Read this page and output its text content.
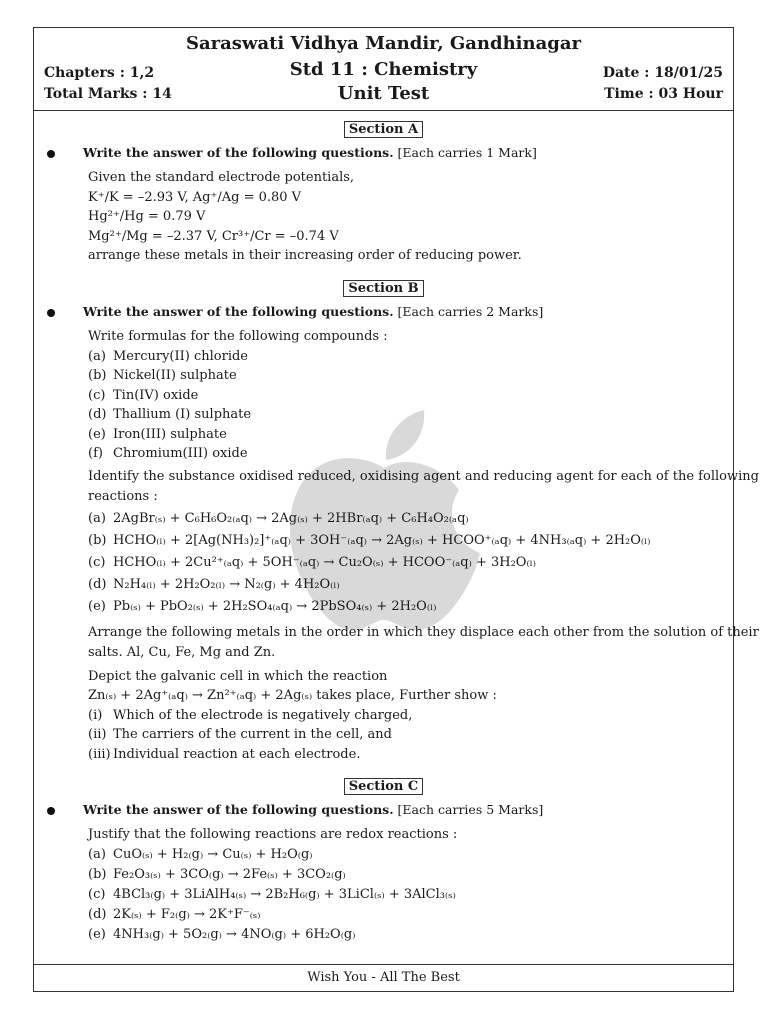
Saraswati Vidhya Mandir, Gandhinagar
Std 11 : Chemistry
Unit Test
Chapters : 1,2
Total Marks : 14
Date : 18/01/25
Time : 03 Hour
Section A
Write the answer of the following questions. [Each carries 1 Mark]
Given the standard electrode potentials,
K⁺/K = –2.93 V, Ag⁺/Ag = 0.80 V
Hg²⁺/Hg = 0.79 V
Mg²⁺/Mg = –2.37 V, Cr³⁺/Cr = –0.74 V
arrange these metals in their increasing order of reducing power.
Section B
Write the answer of the following questions. [Each carries 2 Marks]
Write formulas for the following compounds :
(a) Mercury(II) chloride
(b) Nickel(II) sulphate
(c) Tin(IV) oxide
(d) Thallium (I) sulphate
(e) Iron(III) sulphate
(f) Chromium(III) oxide
Identify the substance oxidised reduced, oxidising agent and reducing agent for each of the following
reactions :
(a) 2AgBr₍ₛ₎ + C₆H₆O₂₍ₐq₎ → 2Ag₍ₛ₎ + 2HBr₍ₐq₎ + C₆H₄O₂₍ₐq₎
(b) HCHO₍ₗ₎ + 2[Ag(NH₃)₂]⁺₍ₐq₎ + 3OH⁻₍ₐq₎ → 2Ag₍ₛ₎ + HCOO⁺₍ₐq₎ + 4NH₃₍ₐq₎ + 2H₂O₍ₗ₎
(c) HCHO₍ₗ₎ + 2Cu²⁺₍ₐq₎ + 5OH⁻₍ₐq₎ → Cu₂O₍ₛ₎ + HCOO⁻₍ₐq₎ + 3H₂O₍ₗ₎
(d) N₂H₄₍ₗ₎ + 2H₂O₂₍ₗ₎ → N₂₍g₎ + 4H₂O₍ₗ₎
(e) Pb₍ₛ₎ + PbO₂₍ₛ₎ + 2H₂SO₄₍ₐq₎ → 2PbSO₄₍ₛ₎ + 2H₂O₍ₗ₎
Arrange the following metals in the order in which they displace each other from the solution of their
salts. Al, Cu, Fe, Mg and Zn.
Depict the galvanic cell in which the reaction
Zn₍ₛ₎ + 2Ag⁺₍ₐq₎ → Zn²⁺₍ₐq₎ + 2Ag₍ₛ₎ takes place, Further show :
(i) Which of the electrode is negatively charged,
(ii) The carriers of the current in the cell, and
(iii) Individual reaction at each electrode.
Section C
Write the answer of the following questions. [Each carries 5 Marks]
Justify that the following reactions are redox reactions :
(a) CuO₍ₛ₎ + H₂₍g₎ → Cu₍ₛ₎ + H₂O₍g₎
(b) Fe₂O₃₍ₛ₎ + 3CO₍g₎ → 2Fe₍ₛ₎ + 3CO₂₍g₎
(c) 4BCl₃₍g₎ + 3LiAlH₄₍ₛ₎ → 2B₂H₆₍g₎ + 3LiCl₍ₛ₎ + 3AlCl₃₍ₛ₎
(d) 2K₍ₛ₎ + F₂₍g₎ → 2K⁺F⁻₍ₛ₎
(e) 4NH₃₍g₎ + 5O₂₍g₎ → 4NO₍g₎ + 6H₂O₍g₎
Wish You - All The Best
